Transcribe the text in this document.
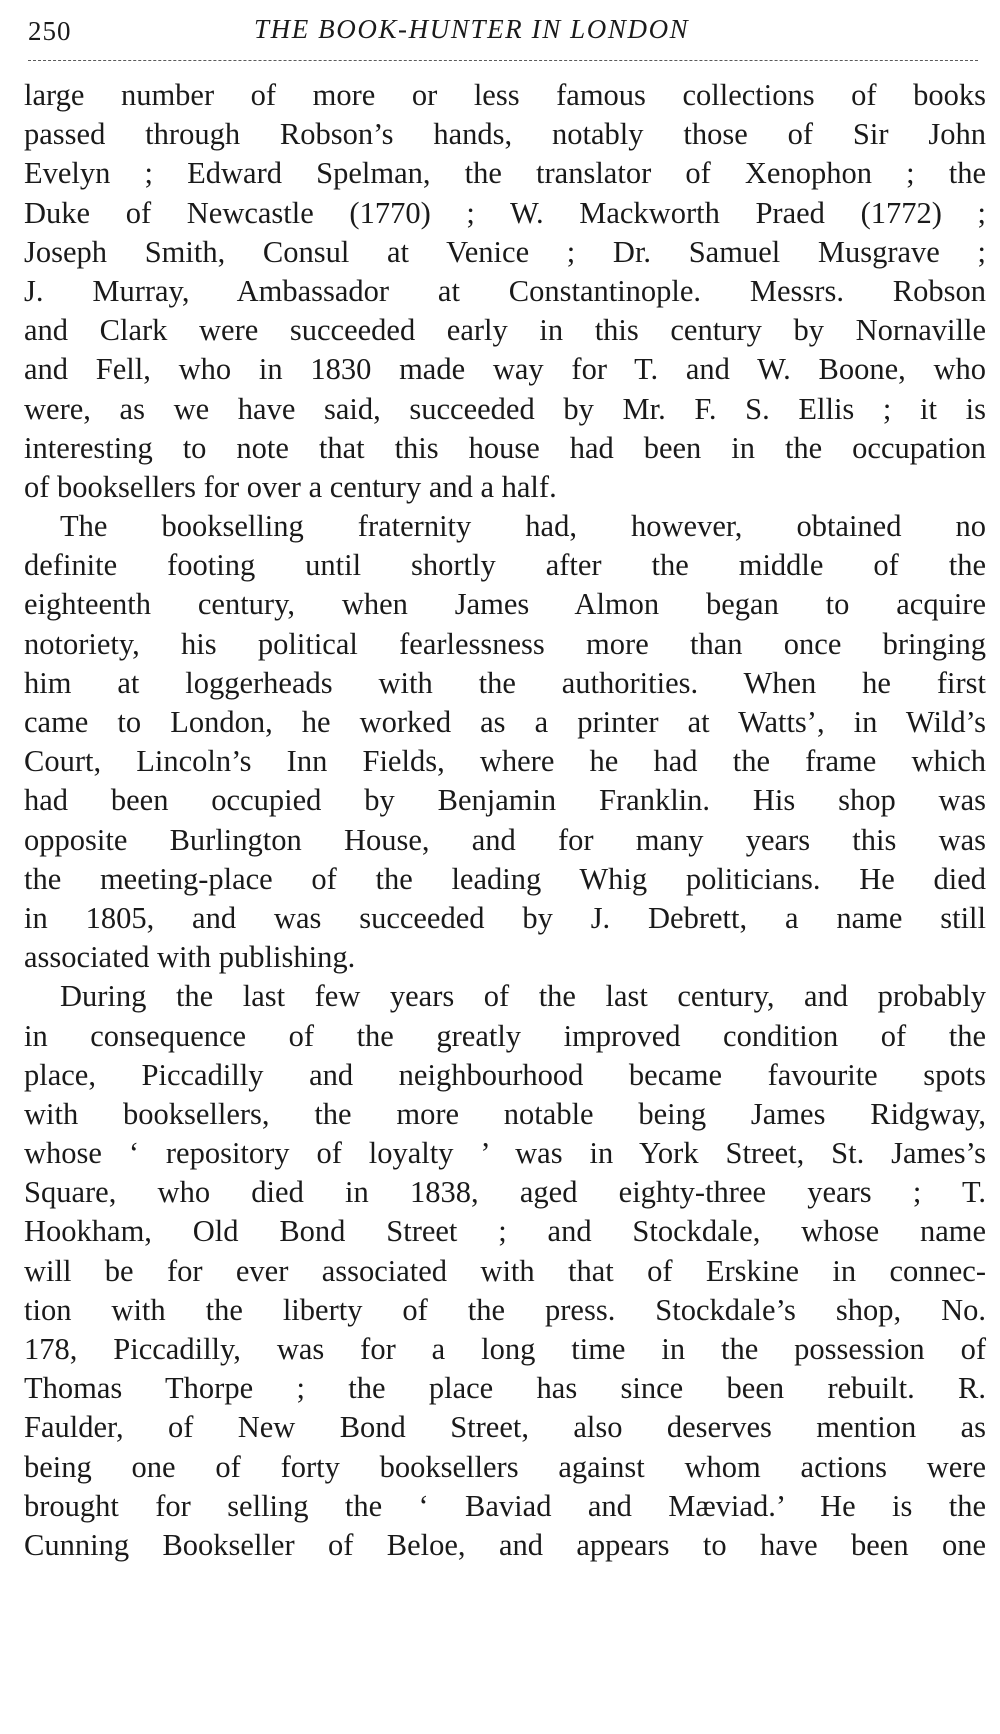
250	THE BOOK-HUNTER IN LONDON
large number of more or less famous collections of books
passed through Robson’s hands, notably those of Sir John
Evelyn ; Edward Spelman, the translator of Xenophon ; the
Duke of Newcastle (1770) ; W. Mackworth Praed (1772) ;
Joseph Smith, Consul at Venice ; Dr. Samuel Musgrave ;
J. Murray, Ambassador at Constantinople. Messrs. Robson
and Clark were succeeded early in this century by Nornaville
and Fell, who in 1830 made way for T. and W. Boone, who
were, as we have said, succeeded by Mr. F. S. Ellis ; it is
interesting to note that this house had been in the occupation
of booksellers for over a century and a half.
The bookselling fraternity had, however, obtained no
definite footing until shortly after the middle of the
eighteenth century, when James Almon began to acquire
notoriety, his political fearlessness more than once bringing
him at loggerheads with the authorities. When he first
came to London, he worked as a printer at Watts’, in Wild’s
Court, Lincoln’s Inn Fields, where he had the frame which
had been occupied by Benjamin Franklin. His shop was
opposite Burlington House, and for many years this was
the meeting-place of the leading Whig politicians. He died
in 1805, and was succeeded by J. Debrett, a name still
associated with publishing.
During the last few years of the last century, and probably
in consequence of the greatly improved condition of the
place, Piccadilly and neighbourhood became favourite spots
with booksellers, the more notable being James Ridgway,
whose ‘ repository of loyalty ’ was in York Street, St. James’s
Square, who died in 1838, aged eighty-three years ; T.
Hookham, Old Bond Street ; and Stockdale, whose name
will be for ever associated with that of Erskine in connec-
tion with the liberty of the press. Stockdale’s shop, No.
178, Piccadilly, was for a long time in the possession of
Thomas Thorpe ; the place has since been rebuilt. R.
Faulder, of New Bond Street, also deserves mention as
being one of forty booksellers against whom actions were
brought for selling the ‘ Baviad and Mæviad.’ He is the
Cunning Bookseller of Beloe, and appears to have been one
